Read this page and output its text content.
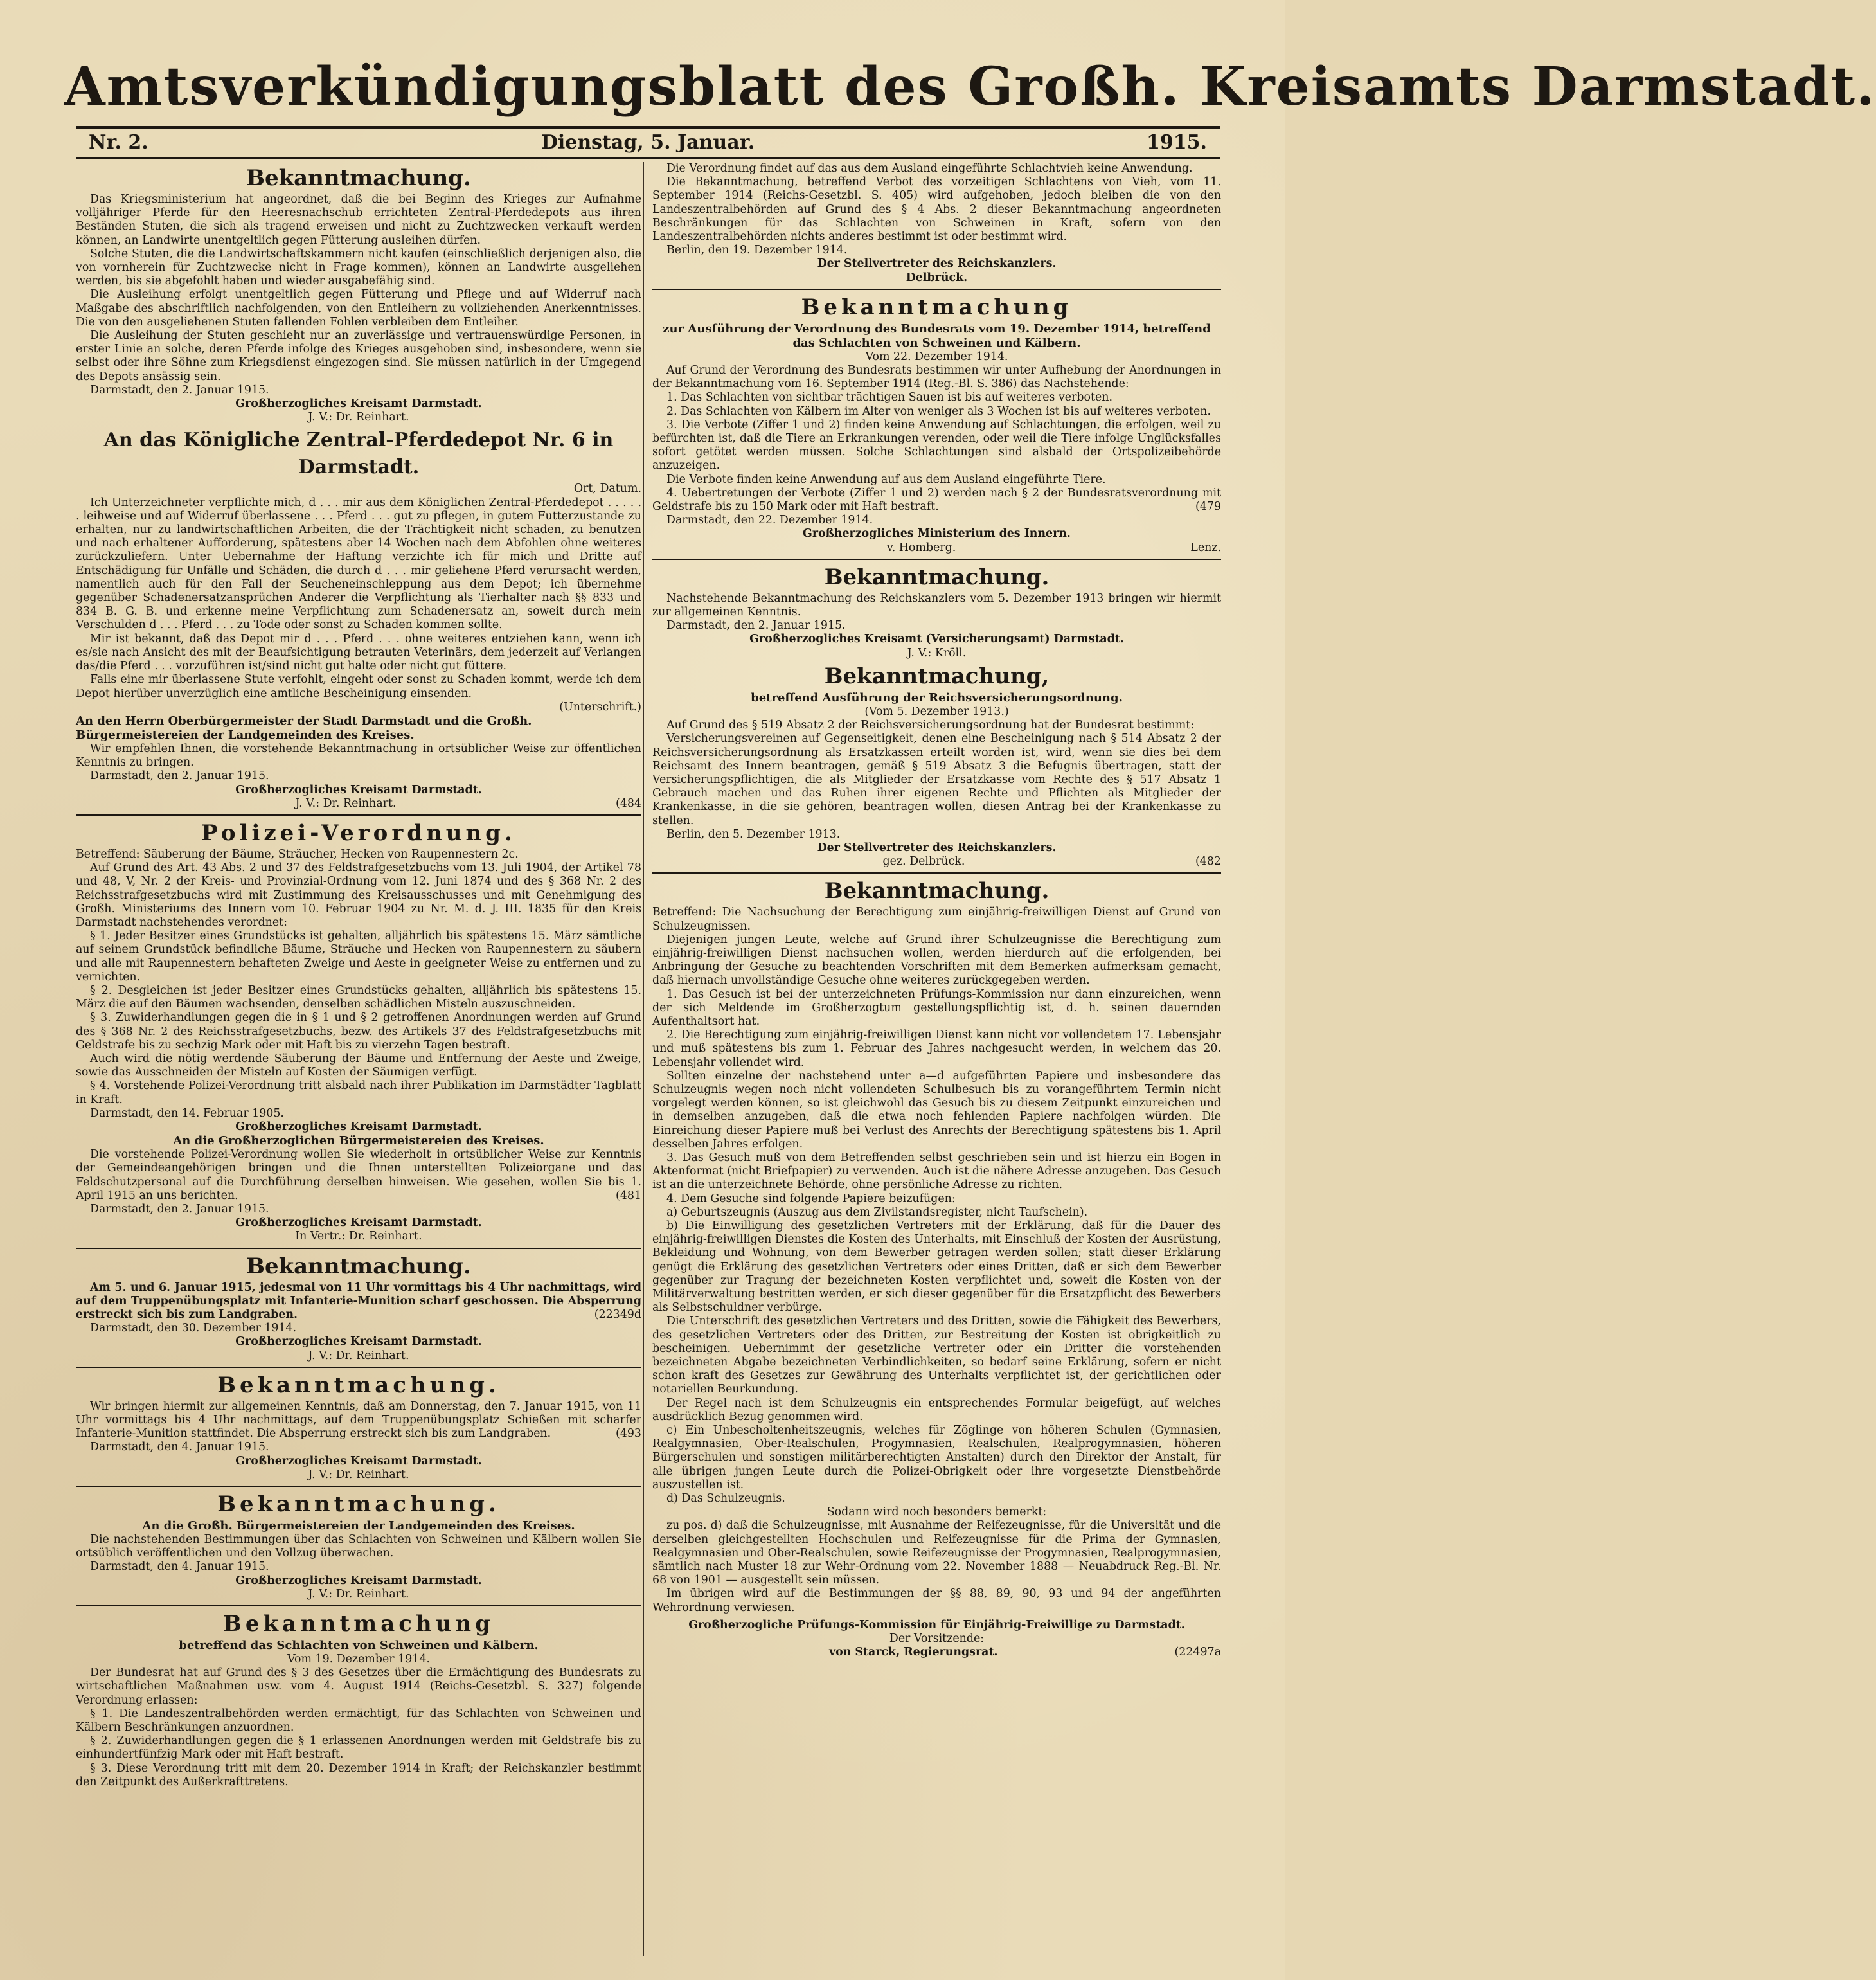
Amtsverkündigungsblatt des Großh. Kreisamts Darmstadt.
Nr. 2.	Dienstag, 5. Januar.	1915.
Bekanntmachung.

Das Kriegsministerium hat angeordnet, daß die bei Beginn des Krieges zur Aufnahme volljähriger Pferde für den Heeresnachschub errichteten Zentral-Pferdedepots aus ihren Beständen Stuten, die sich als tragend erweisen und nicht zu Zuchtzwecken verkauft werden können, an Landwirte unentgeltlich gegen Fütterung ausleihen dürfen.

Solche Stuten, die die Landwirtschaftskammern nicht kaufen (einschließlich derjenigen also, die von vornherein für Zuchtzwecke nicht in Frage kommen), können an Landwirte ausgeliehen werden, bis sie abgefohlt haben und wieder ausgabefähig sind.

Die Ausleihung erfolgt unentgeltlich gegen Fütterung und Pflege und auf Widerruf nach Maßgabe des abschriftlich nachfolgenden, von den Entleihern zu vollziehenden Anerkenntnisses. Die von den ausgeliehenen Stuten fallenden Fohlen verbleiben dem Entleiher.

Die Ausleihung der Stuten geschieht nur an zuverlässige und vertrauenswürdige Personen, in erster Linie an solche, deren Pferde infolge des Krieges ausgehoben sind, insbesondere, wenn sie selbst oder ihre Söhne zum Kriegsdienst eingezogen sind. Sie müssen natürlich in der Umgegend des Depots ansässig sein.

Darmstadt, den 2. Januar 1915.

Großherzogliches Kreisamt Darmstadt.
J. V.: Dr. Reinhart.
An das Königliche Zentral-Pferdedepot Nr. 6 in Darmstadt.
Ort, Datum.

Ich Unterzeichneter verpflichte mich, d . . . mir aus dem Königlichen Zentral-Pferdedepot . . . . . . leihweise und auf Widerruf überlassene . . . Pferd . . . gut zu pflegen, in gutem Futterzustande zu erhalten, nur zu landwirtschaftlichen Arbeiten, die der Trächtigkeit nicht schaden, zu benutzen und nach erhaltener Aufforderung, spätestens aber 14 Wochen nach dem Abfohlen ohne weiteres zurückzuliefern. Unter Uebernahme der Haftung verzichte ich für mich und Dritte auf Entschädigung für Unfälle und Schäden, die durch d . . . mir geliehene Pferd verursacht werden, namentlich auch für den Fall der Seucheneinschleppung aus dem Depot; ich übernehme gegenüber Schadenersatzansprüchen Anderer die Verpflichtung als Tierhalter nach §§ 833 und 834 B. G. B. und erkenne meine Verpflichtung zum Schadenersatz an, soweit durch mein Verschulden d . . . Pferd . . . zu Tode oder sonst zu Schaden kommen sollte.

Mir ist bekannt, daß das Depot mir d . . . Pferd . . . ohne weiteres entziehen kann, wenn ich es/sie nach Ansicht des mit der Beaufsichtigung betrauten Veterinärs, dem jederzeit auf Verlangen das/die Pferd . . . vorzuführen ist/sind nicht gut halte oder nicht gut füttere.

Falls eine mir überlassene Stute verfohlt, eingeht oder sonst zu Schaden kommt, werde ich dem Depot hierüber unverzüglich eine amtliche Bescheinigung einsenden.

(Unterschrift.)
An den Herrn Oberbürgermeister der Stadt Darmstadt und die Großh. Bürgermeistereien der Landgemeinden des Kreises.

Wir empfehlen Ihnen, die vorstehende Bekanntmachung in ortsüblicher Weise zur öffentlichen Kenntnis zu bringen.

Darmstadt, den 2. Januar 1915.

Großherzogliches Kreisamt Darmstadt.
J. V.: Dr. Reinhart.	(484
Polizei-Verordnung.

Betreffend: Säuberung der Bäume, Sträucher, Hecken von Raupennestern 2c.

Auf Grund des Art. 43 Abs. 2 und 37 des Feldstrafgesetzbuchs vom 13. Juli 1904, der Artikel 78 und 48, V, Nr. 2 der Kreis- und Provinzial-Ordnung vom 12. Juni 1874 und des § 368 Nr. 2 des Reichsstrafgesetzbuchs wird mit Zustimmung des Kreisausschusses und mit Genehmigung des Großh. Ministeriums des Innern vom 10. Februar 1904 zu Nr. M. d. J. III. 1835 für den Kreis Darmstadt nachstehendes verordnet:

§ 1. Jeder Besitzer eines Grundstücks ist gehalten, alljährlich bis spätestens 15. März sämtliche auf seinem Grundstück befindliche Bäume, Sträuche und Hecken von Raupennestern zu säubern und alle mit Raupennestern behafteten Zweige und Aeste in geeigneter Weise zu entfernen und zu vernichten.

§ 2. Desgleichen ist jeder Besitzer eines Grundstücks gehalten, alljährlich bis spätestens 15. März die auf den Bäumen wachsenden, denselben schädlichen Misteln auszuschneiden.

§ 3. Zuwiderhandlungen gegen die in § 1 und § 2 getroffenen Anordnungen werden auf Grund des § 368 Nr. 2 des Reichsstrafgesetzbuchs, bezw. des Artikels 37 des Feldstrafgesetzbuchs mit Geldstrafe bis zu sechzig Mark oder mit Haft bis zu vierzehn Tagen bestraft.

Auch wird die nötig werdende Säuberung der Bäume und Entfernung der Aeste und Zweige, sowie das Ausschneiden der Misteln auf Kosten der Säumigen verfügt.

§ 4. Vorstehende Polizei-Verordnung tritt alsbald nach ihrer Publikation im Darmstädter Tagblatt in Kraft.

Darmstadt, den 14. Februar 1905.

Großherzogliches Kreisamt Darmstadt.
An die Großherzoglichen Bürgermeistereien des Kreises.

Die vorstehende Polizei-Verordnung wollen Sie wiederholt in ortsüblicher Weise zur Kenntnis der Gemeindeangehörigen bringen und die Ihnen unterstellten Polizeiorgane und das Feldschutzpersonal auf die Durchführung derselben hinweisen. Wie gesehen, wollen Sie bis 1. April 1915 an uns berichten.	(481

Darmstadt, den 2. Januar 1915.

Großherzogliches Kreisamt Darmstadt.
In Vertr.: Dr. Reinhart.
Bekanntmachung.

Am 5. und 6. Januar 1915, jedesmal von 11 Uhr vormittags bis 4 Uhr nachmittags, wird auf dem Truppenübungsplatz mit Infanterie-Munition scharf geschossen. Die Absperrung erstreckt sich bis zum Landgraben.	(22349d

Darmstadt, den 30. Dezember 1914.

Großherzogliches Kreisamt Darmstadt.
J. V.: Dr. Reinhart.
Bekanntmachung.

Wir bringen hiermit zur allgemeinen Kenntnis, daß am Donnerstag, den 7. Januar 1915, von 11 Uhr vormittags bis 4 Uhr nachmittags, auf dem Truppenübungsplatz Schießen mit scharfer Infanterie-Munition stattfindet. Die Absperrung erstreckt sich bis zum Landgraben.	(493

Darmstadt, den 4. Januar 1915.

Großherzogliches Kreisamt Darmstadt.
J. V.: Dr. Reinhart.
Bekanntmachung.
An die Großh. Bürgermeistereien der Landgemeinden des Kreises.

Die nachstehenden Bestimmungen über das Schlachten von Schweinen und Kälbern wollen Sie ortsüblich veröffentlichen und den Vollzug überwachen.

Darmstadt, den 4. Januar 1915.

Großherzogliches Kreisamt Darmstadt.
J. V.: Dr. Reinhart.
Bekanntmachung
betreffend das Schlachten von Schweinen und Kälbern.
Vom 19. Dezember 1914.

Der Bundesrat hat auf Grund des § 3 des Gesetzes über die Ermächtigung des Bundesrats zu wirtschaftlichen Maßnahmen usw. vom 4. August 1914 (Reichs-Gesetzbl. S. 327) folgende Verordnung erlassen:

§ 1. Die Landeszentralbehörden werden ermächtigt, für das Schlachten von Schweinen und Kälbern Beschränkungen anzuordnen.

§ 2. Zuwiderhandlungen gegen die § 1 erlassenen Anordnungen werden mit Geldstrafe bis zu einhundertfünfzig Mark oder mit Haft bestraft.

§ 3. Diese Verordnung tritt mit dem 20. Dezember 1914 in Kraft; der Reichskanzler bestimmt den Zeitpunkt des Außerkrafttretens.

Die Verordnung findet auf das aus dem Ausland eingeführte Schlachtvieh keine Anwendung.

Die Bekanntmachung, betreffend Verbot des vorzeitigen Schlachtens von Vieh, vom 11. September 1914 (Reichs-Gesetzbl. S. 405) wird aufgehoben, jedoch bleiben die von den Landeszentralbehörden auf Grund des § 4 Abs. 2 dieser Bekanntmachung angeordneten Beschränkungen für das Schlachten von Schweinen in Kraft, sofern von den Landeszentralbehörden nichts anderes bestimmt ist oder bestimmt wird.

Berlin, den 19. Dezember 1914.

Der Stellvertreter des Reichskanzlers.
Delbrück.
Bekanntmachung
zur Ausführung der Verordnung des Bundesrats vom 19. Dezember 1914, betreffend das Schlachten von Schweinen und Kälbern.
Vom 22. Dezember 1914.

Auf Grund der Verordnung des Bundesrats bestimmen wir unter Aufhebung der Anordnungen in der Bekanntmachung vom 16. September 1914 (Reg.-Bl. S. 386) das Nachstehende:

1. Das Schlachten von sichtbar trächtigen Sauen ist bis auf weiteres verboten.

2. Das Schlachten von Kälbern im Alter von weniger als 3 Wochen ist bis auf weiteres verboten.

3. Die Verbote (Ziffer 1 und 2) finden keine Anwendung auf Schlachtungen, die erfolgen, weil zu befürchten ist, daß die Tiere an Erkrankungen verenden, oder weil die Tiere infolge Unglücksfalles sofort getötet werden müssen. Solche Schlachtungen sind alsbald der Ortspolizeibehörde anzuzeigen.

Die Verbote finden keine Anwendung auf aus dem Ausland eingeführte Tiere.

4. Uebertretungen der Verbote (Ziffer 1 und 2) werden nach § 2 der Bundesratsverordnung mit Geldstrafe bis zu 150 Mark oder mit Haft bestraft.	(479

Darmstadt, den 22. Dezember 1914.

Großherzogliches Ministerium des Innern.
v. Homberg.	Lenz.
Bekanntmachung.

Nachstehende Bekanntmachung des Reichskanzlers vom 5. Dezember 1913 bringen wir hiermit zur allgemeinen Kenntnis.

Darmstadt, den 2. Januar 1915.

Großherzogliches Kreisamt (Versicherungsamt) Darmstadt.
J. V.: Kröll.
Bekanntmachung,
betreffend Ausführung der Reichsversicherungsordnung.
(Vom 5. Dezember 1913.)

Auf Grund des § 519 Absatz 2 der Reichsversicherungsordnung hat der Bundesrat bestimmt:

Versicherungsvereinen auf Gegenseitigkeit, denen eine Bescheinigung nach § 514 Absatz 2 der Reichsversicherungsordnung als Ersatzkassen erteilt worden ist, wird, wenn sie dies bei dem Reichsamt des Innern beantragen, gemäß § 519 Absatz 3 die Befugnis übertragen, statt der Versicherungspflichtigen, die als Mitglieder der Ersatzkasse vom Rechte des § 517 Absatz 1 Gebrauch machen und das Ruhen ihrer eigenen Rechte und Pflichten als Mitglieder der Krankenkasse, in die sie gehören, beantragen wollen, diesen Antrag bei der Krankenkasse zu stellen.

Berlin, den 5. Dezember 1913.

Der Stellvertreter des Reichskanzlers.
gez. Delbrück.	(482
Bekanntmachung.

Betreffend: Die Nachsuchung der Berechtigung zum einjährig-freiwilligen Dienst auf Grund von Schulzeugnissen.

Diejenigen jungen Leute, welche auf Grund ihrer Schulzeugnisse die Berechtigung zum einjährig-freiwilligen Dienst nachsuchen wollen, werden hierdurch auf die erfolgenden, bei Anbringung der Gesuche zu beachtenden Vorschriften mit dem Bemerken aufmerksam gemacht, daß hiernach unvollständige Gesuche ohne weiteres zurückgegeben werden.

1. Das Gesuch ist bei der unterzeichneten Prüfungs-Kommission nur dann einzureichen, wenn der sich Meldende im Großherzogtum gestellungspflichtig ist, d. h. seinen dauernden Aufenthaltsort hat.

2. Die Berechtigung zum einjährig-freiwilligen Dienst kann nicht vor vollendetem 17. Lebensjahr und muß spätestens bis zum 1. Februar des Jahres nachgesucht werden, in welchem das 20. Lebensjahr vollendet wird.

Sollten einzelne der nachstehend unter a—d aufgeführten Papiere und insbesondere das Schulzeugnis wegen noch nicht vollendeten Schulbesuch bis zu vorangeführtem Termin nicht vorgelegt werden können, so ist gleichwohl das Gesuch bis zu diesem Zeitpunkt einzureichen und in demselben anzugeben, daß die etwa noch fehlenden Papiere nachfolgen würden. Die Einreichung dieser Papiere muß bei Verlust des Anrechts der Berechtigung spätestens bis 1. April desselben Jahres erfolgen.

3. Das Gesuch muß von dem Betreffenden selbst geschrieben sein und ist hierzu ein Bogen in Aktenformat (nicht Briefpapier) zu verwenden. Auch ist die nähere Adresse anzugeben. Das Gesuch ist an die unterzeichnete Behörde, ohne persönliche Adresse zu richten.

4. Dem Gesuche sind folgende Papiere beizufügen:

a) Geburtszeugnis (Auszug aus dem Zivilstandsregister, nicht Taufschein).

b) Die Einwilligung des gesetzlichen Vertreters mit der Erklärung, daß für die Dauer des einjährig-freiwilligen Dienstes die Kosten des Unterhalts, mit Einschluß der Kosten der Ausrüstung, Bekleidung und Wohnung, von dem Bewerber getragen werden sollen; statt dieser Erklärung genügt die Erklärung des gesetzlichen Vertreters oder eines Dritten, daß er sich dem Bewerber gegenüber zur Tragung der bezeichneten Kosten verpflichtet und, soweit die Kosten von der Militärverwaltung bestritten werden, er sich dieser gegenüber für die Ersatzpflicht des Bewerbers als Selbstschuldner verbürge.

Die Unterschrift des gesetzlichen Vertreters und des Dritten, sowie die Fähigkeit des Bewerbers, des gesetzlichen Vertreters oder des Dritten, zur Bestreitung der Kosten ist obrigkeitlich zu bescheinigen. Uebernimmt der gesetzliche Vertreter oder ein Dritter die vorstehenden bezeichneten Abgabe bezeichneten Verbindlichkeiten, so bedarf seine Erklärung, sofern er nicht schon kraft des Gesetzes zur Gewährung des Unterhalts verpflichtet ist, der gerichtlichen oder notariellen Beurkundung.

Der Regel nach ist dem Schulzeugnis ein entsprechendes Formular beigefügt, auf welches ausdrücklich Bezug genommen wird.

c) Ein Unbescholtenheitszeugnis, welches für Zöglinge von höheren Schulen (Gymnasien, Realgymnasien, Ober-Realschulen, Progymnasien, Realschulen, Realprogymnasien, höheren Bürgerschulen und sonstigen militärberechtigten Anstalten) durch den Direktor der Anstalt, für alle übrigen jungen Leute durch die Polizei-Obrigkeit oder ihre vorgesetzte Dienstbehörde auszustellen ist.

d) Das Schulzeugnis.

Sodann wird noch besonders bemerkt:

zu pos. d) daß die Schulzeugnisse, mit Ausnahme der Reifezeugnisse, für die Universität und die derselben gleichgestellten Hochschulen und Reifezeugnisse für die Prima der Gymnasien, Realgymnasien und Ober-Realschulen, sowie Reifezeugnisse der Progymnasien, Realprogymnasien, sämtlich nach Muster 18 zur Wehr-Ordnung vom 22. November 1888 — Neuabdruck Reg.-Bl. Nr. 68 von 1901 — ausgestellt sein müssen.

Im übrigen wird auf die Bestimmungen der §§ 88, 89, 90, 93 und 94 der angeführten Wehrordnung verwiesen.

Großherzogliche Prüfungs-Kommission für Einjährig-Freiwillige zu Darmstadt.
Der Vorsitzende:
von Starck, Regierungsrat.	(22497a
